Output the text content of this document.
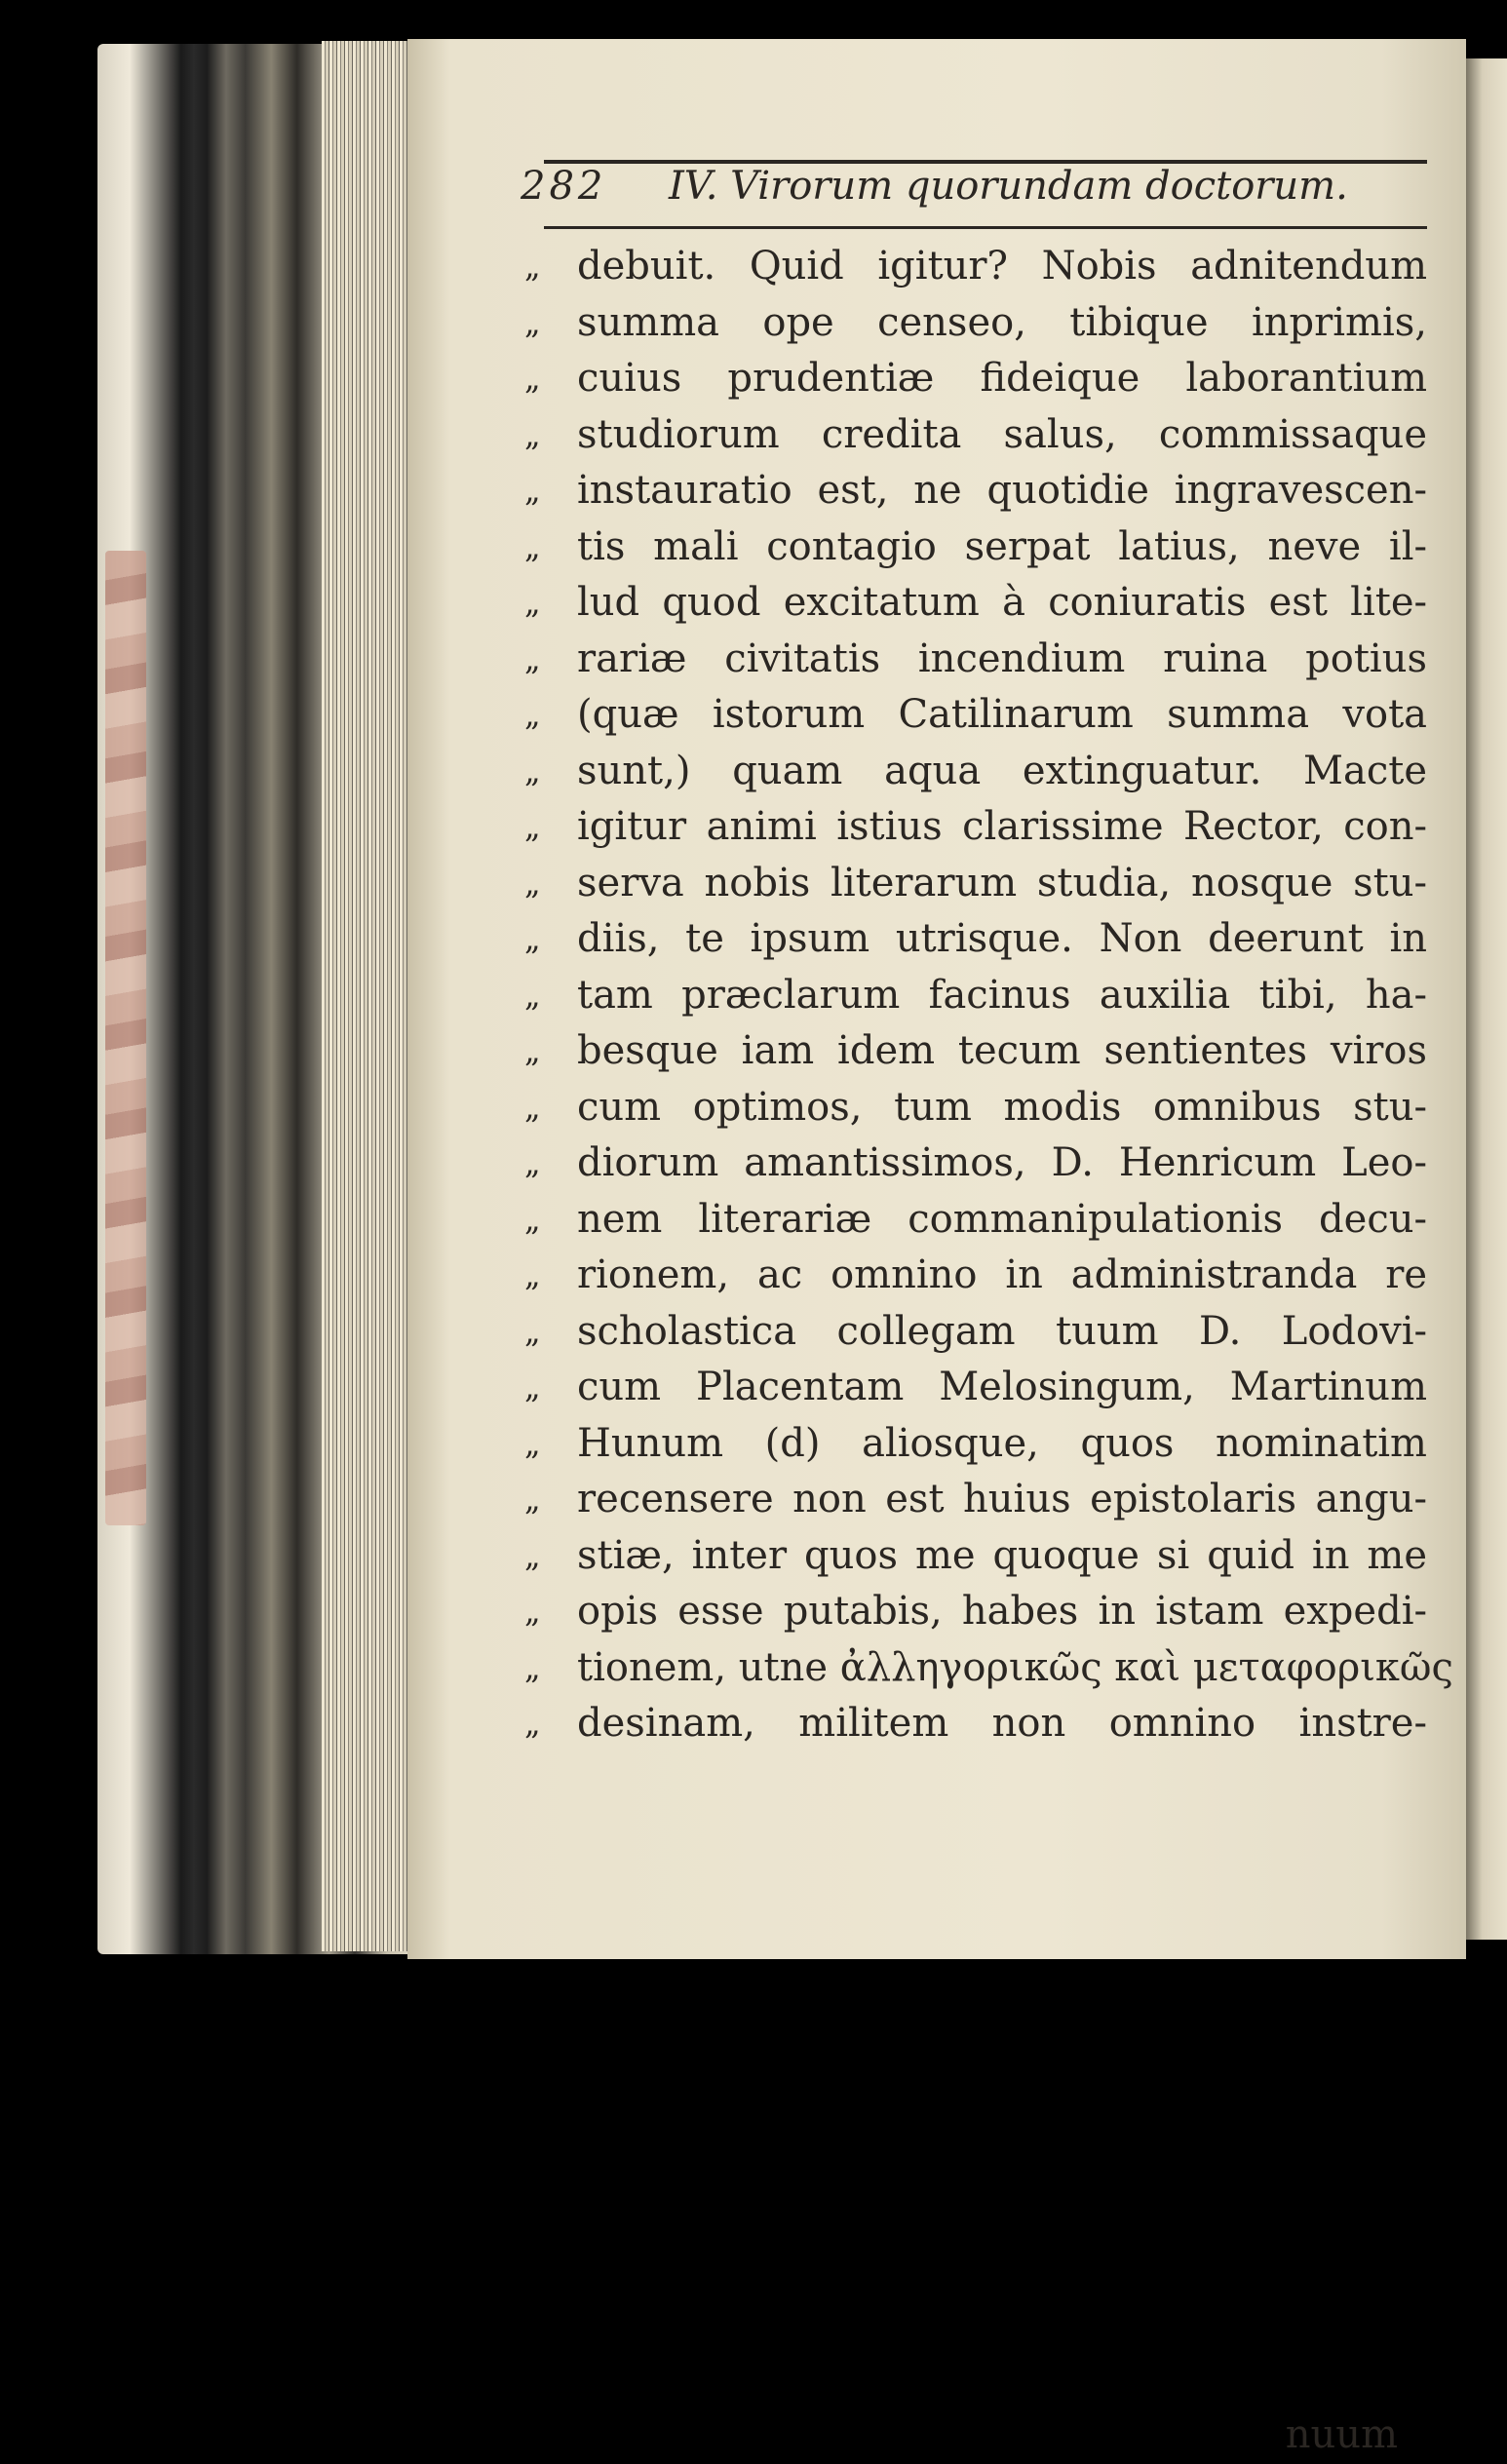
282 IV. Virorum quorundam doctorum.
„ debuit. Quid igitur? Nobis adnitendum
„ summa ope censeo, tibique inprimis,
„ cuius prudentiæ fideique laborantium
„ studiorum credita salus, commissaque
„ instauratio est, ne quotidie ingravescen-
„ tis mali contagio serpat latius, neve il-
„ lud quod excitatum à coniuratis est lite-
„ rariæ civitatis incendium ruina potius
„ (quæ istorum Catilinarum summa vota
„ sunt,) quam aqua extinguatur. Macte
„ igitur animi istius clarissime Rector, con-
„ serva nobis literarum studia, nosque stu-
„ diis, te ipsum utrisque. Non deerunt in
„ tam præclarum facinus auxilia tibi, ha-
„ besque iam idem tecum sentientes viros
„ cum optimos, tum modis omnibus stu-
„ diorum amantissimos, D. Henricum Leo-
„ nem literariæ commanipulationis decu-
„ rionem, ac omnino in administranda re
„ scholastica collegam tuum D. Lodovi-
„ cum Placentam Melosingum, Martinum
„ Hunum (d) aliosque, quos nominatim
„ recensere non est huius epistolaris angu-
„ stiæ, inter quos me quoque si quid in me
„ opis esse putabis, habes in istam expedi-
„ tionem, utne ἀλληγορικῶς καὶ μεταφορικῶς
„ desinam, militem non omnino instre-
nuum
